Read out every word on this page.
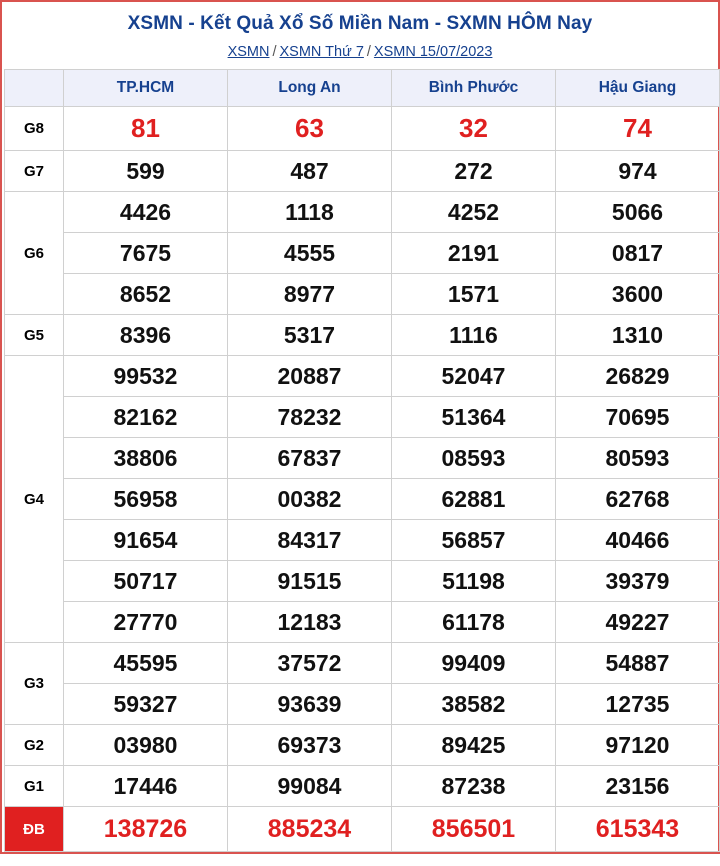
XSMN - Kết Quả Xổ Số Miền Nam - SXMN HÔM Nay
XSMN / XSMN Thứ 7 / XSMN 15/07/2023
	TP.HCM	Long An	Bình Phước	Hậu Giang
G8	81	63	32	74
G7	599	487	272	974
G6	4426	1118	4252	5066
	7675	4555	2191	0817
	8652	8977	1571	3600
G5	8396	5317	1116	1310
G4	99532	20887	52047	26829
	82162	78232	51364	70695
	38806	67837	08593	80593
	56958	00382	62881	62768
	91654	84317	56857	40466
	50717	91515	51198	39379
	27770	12183	61178	49227
G3	45595	37572	99409	54887
	59327	93639	38582	12735
G2	03980	69373	89425	97120
G1	17446	99084	87238	23156
ĐB	138726	885234	856501	615343
